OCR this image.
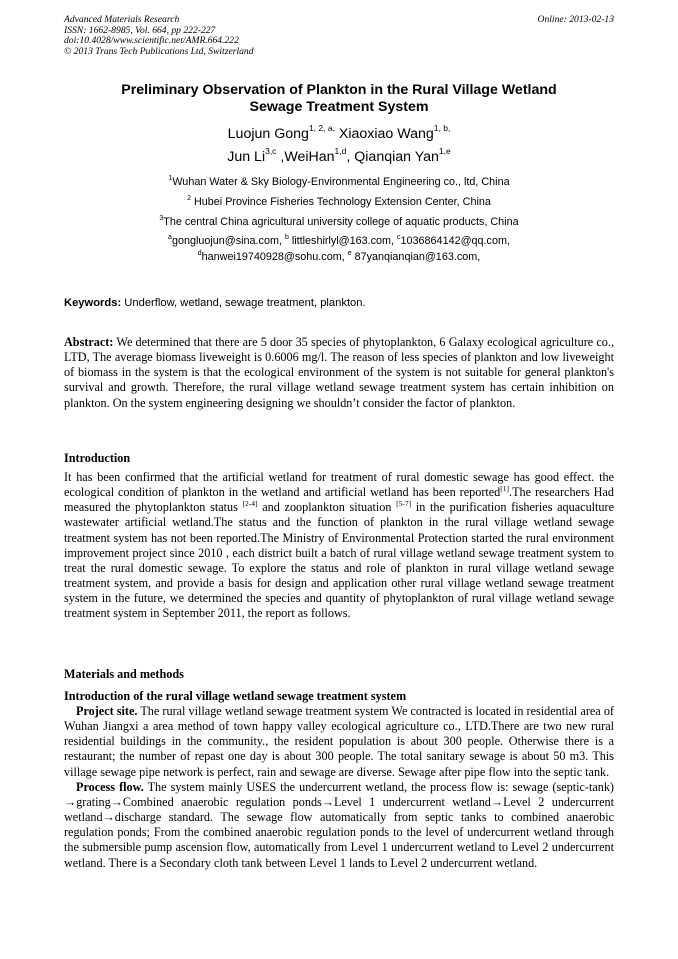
Advanced Materials Research
ISSN: 1662-8985, Vol. 664, pp 222-227
doi:10.4028/www.scientific.net/AMR.664.222
© 2013 Trans Tech Publications Ltd, Switzerland
Online: 2013-02-13
Preliminary Observation of Plankton in the Rural Village Wetland
Sewage Treatment System
Luojun Gong$^{1, 2, a,}$ Xiaoxiao Wang$^{1, b,}$
Jun Li$^{3,c}$ ,WeiHan$^{1,d}$, Qianqian Yan$^{1,e}$
$^1$Wuhan Water & Sky Biology-Environmental Engineering co., ltd, China
$^2$ Hubei Province Fisheries Technology Extension Center, China
$^3$The central China agricultural university college of aquatic products, China
$^a$gongluojun@sina.com, $^b$ littleshirlyl@163.com, $^c$1036864142@qq.com,
$^d$hanwei19740928@sohu.com, $^e$ 87yanqianqian@163.com,
Keywords: Underflow, wetland, sewage treatment, plankton.

Abstract: We determined that there are 5 door 35 species of phytoplankton, 6 Galaxy ecological agriculture co., LTD, The average biomass liveweight is 0.6006 mg/l. The reason of less species of plankton and low liveweight of biomass in the system is that the ecological environment of the system is not suitable for general plankton's survival and growth. Therefore, the rural village wetland sewage treatment system has certain inhibition on plankton. On the system engineering designing we shouldn’t consider the factor of plankton.

Introduction

It has been confirmed that the artificial wetland for treatment of rural domestic sewage has good effect. the ecological condition of plankton in the wetland and artificial wetland has been reported[1].The researchers Had measured the phytoplankton status [2-4] and zooplankton situation [5-7] in the purification fisheries aquaculture wastewater artificial wetland.The status and the function of plankton in the rural village wetland sewage treatment system has not been reported.The Ministry of Environmental Protection started the rural environment improvement project since 2010 , each district built a batch of rural village wetland sewage treatment system to treat the rural domestic sewage. To explore the status and role of plankton in rural village wetland sewage treatment system, and provide a basis for design and application other rural village wetland sewage treatment system in the future, we determined the species and quantity of phytoplankton of rural village wetland sewage treatment system in September 2011, the report as follows.

Materials and methods
Introduction of the rural village wetland sewage treatment system

Project site. The rural village wetland sewage treatment system We contracted is located in residential area of Wuhan Jiangxi a area method of town happy valley ecological agriculture co., LTD.There are two new rural residential buildings in the community., the resident population is about 300 people. Otherwise there is a restaurant; the number of repast one day is about 300 people. The total sanitary sewage is about 50 m3. This village sewage pipe network is perfect, rain and sewage are diverse. Sewage after pipe flow into the septic tank.

Process flow. The system mainly USES the undercurrent wetland, the process flow is: sewage (septic-tank) →grating→Combined anaerobic regulation ponds→Level 1 undercurrent wetland→Level 2 undercurrent wetland→discharge standard. The sewage flow automatically from septic tanks to combined anaerobic regulation ponds; From the combined anaerobic regulation ponds to the level of undercurrent wetland through the submersible pump ascension flow, automatically from Level 1 undercurrent wetland to Level 2 undercurrent wetland. There is a Secondary cloth tank between Level 1 lands to Level 2 undercurrent wetland.
